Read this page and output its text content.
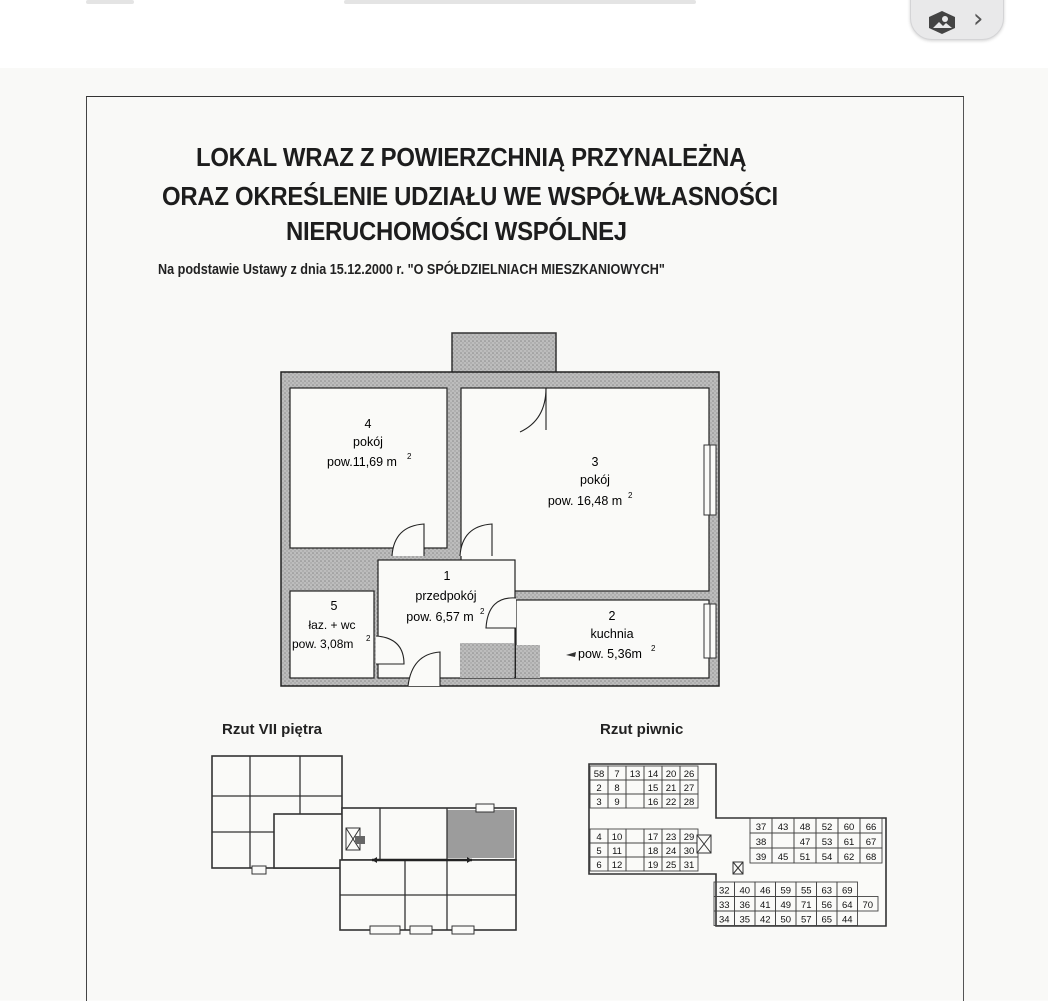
›
LOKAL WRAZ Z POWIERZCHNIĄ PRZYNALEŻNĄ
ORAZ OKREŚLENIE UDZIAŁU WE WSPÓŁWŁASNOŚCI
NIERUCHOMOŚCI WSPÓLNEJ
Na podstawie Ustawy z dnia 15.12.2000 r. "O SPÓŁDZIELNIACH MIESZKANIOWYCH"
4
pokój
pow.11,69 m 2	3
pokój
pow. 16,48 m 2
1
przedpokój
pow. 6,57 m 2	2
kuchnia
pow. 5,36m 2
5
łaz. + wc
pow. 3,08m 2
Rzut VII piętra	Rzut piwnic
58 7 13 14 20 26
2 8	15 21 27
3 9	16 22 28
4 10	17 23 29
5 11	18 24 30
6 12	19 25 31
37 43 48 52 60 66
38	47 53 61 67
39 45 51 54 62 68
32 40 46 59 55 63 69
33 36 41 49 71 56 64 70
34 35 42 50 57 65 44
